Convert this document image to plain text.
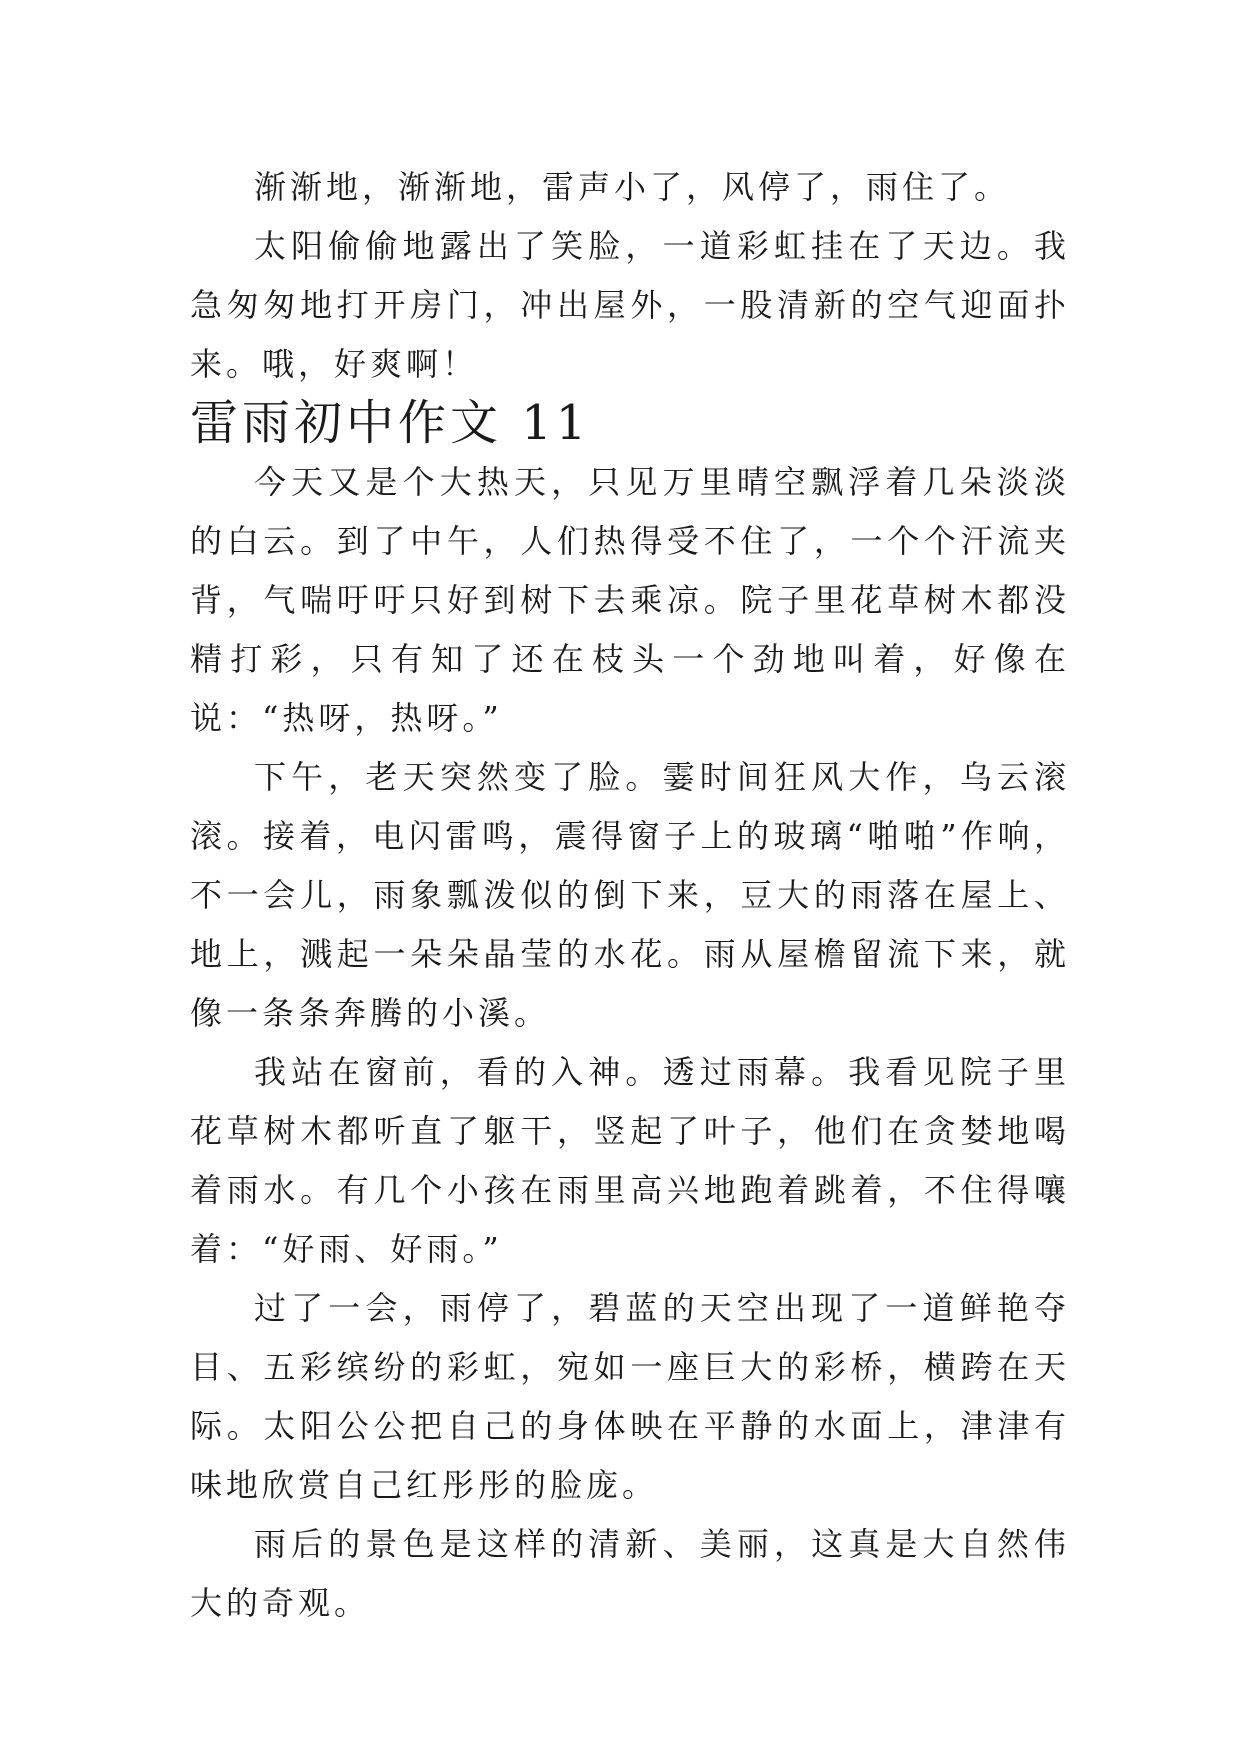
渐渐地，渐渐地，雷声小了，风停了，雨住了。

太阳偷偷地露出了笑脸，一道彩虹挂在了天边。我急匆匆地打开房门，冲出屋外，一股清新的空气迎面扑来。哦，好爽啊！

雷雨初中作文 11

今天又是个大热天，只见万里晴空飘浮着几朵淡淡的白云。到了中午，人们热得受不住了，一个个汗流夹背，气喘吁吁只好到树下去乘凉。院子里花草树木都没精打彩，只有知了还在枝头一个劲地叫着，好像在说：“热呀，热呀。”

下午，老天突然变了脸。霎时间狂风大作，乌云滚滚。接着，电闪雷鸣，震得窗子上的玻璃“啪啪”作响，不一会儿，雨象瓢泼似的倒下来，豆大的雨落在屋上、地上，溅起一朵朵晶莹的水花。雨从屋檐留流下来，就像一条条奔腾的小溪。

我站在窗前，看的入神。透过雨幕。我看见院子里花草树木都听直了躯干，竖起了叶子，他们在贪婪地喝着雨水。有几个小孩在雨里高兴地跑着跳着，不住得嚷着：“好雨、好雨。”

过了一会，雨停了，碧蓝的天空出现了一道鲜艳夺目、五彩缤纷的彩虹，宛如一座巨大的彩桥，横跨在天际。太阳公公把自己的身体映在平静的水面上，津津有味地欣赏自己红彤彤的脸庞。

雨后的景色是这样的清新、美丽，这真是大自然伟大的奇观。
